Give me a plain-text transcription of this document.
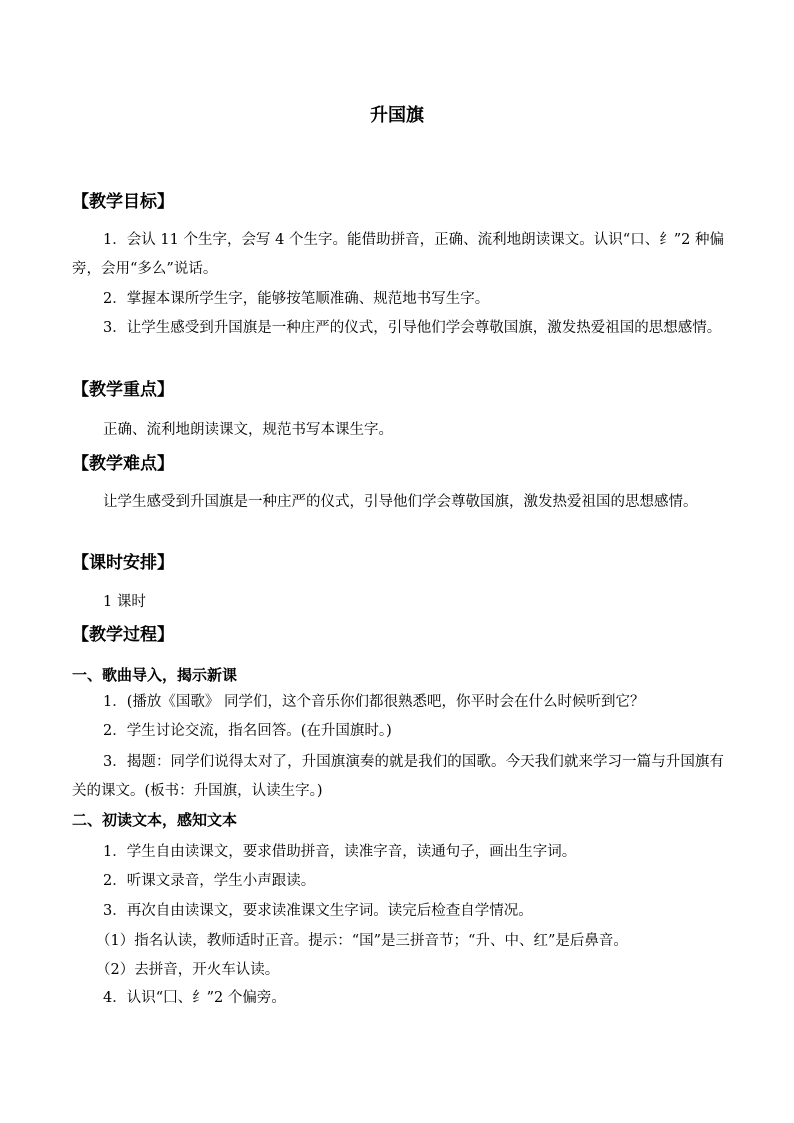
升国旗
【教学目标】
1．会认 11 个生字，会写 4 个生字。能借助拼音，正确、流利地朗读课文。认识“口、纟”2 种偏旁，会用“多么”说话。
2．掌握本课所学生字，能够按笔顺准确、规范地书写生字。
3．让学生感受到升国旗是一种庄严的仪式，引导他们学会尊敬国旗，激发热爱祖国的思想感情。
【教学重点】
正确、流利地朗读课文，规范书写本课生字。
【教学难点】
让学生感受到升国旗是一种庄严的仪式，引导他们学会尊敬国旗，激发热爱祖国的思想感情。
【课时安排】
1 课时
【教学过程】
一、歌曲导入，揭示新课
1．(播放《国歌》 同学们，这个音乐你们都很熟悉吧，你平时会在什么时候听到它？
2．学生讨论交流，指名回答。(在升国旗时。)
3．揭题：同学们说得太对了，升国旗演奏的就是我们的国歌。今天我们就来学习一篇与升国旗有关的课文。(板书：升国旗，认读生字。)
二、初读文本，感知文本
1．学生自由读课文，要求借助拼音，读准字音，读通句子，画出生字词。
2．听课文录音，学生小声跟读。
3．再次自由读课文，要求读准课文生字词。读完后检查自学情况。
（1）指名认读，教师适时正音。提示：“国”是三拼音节；“升、中、红”是后鼻音。
（2）去拼音，开火车认读。
4．认识“囗、纟”2 个偏旁。
